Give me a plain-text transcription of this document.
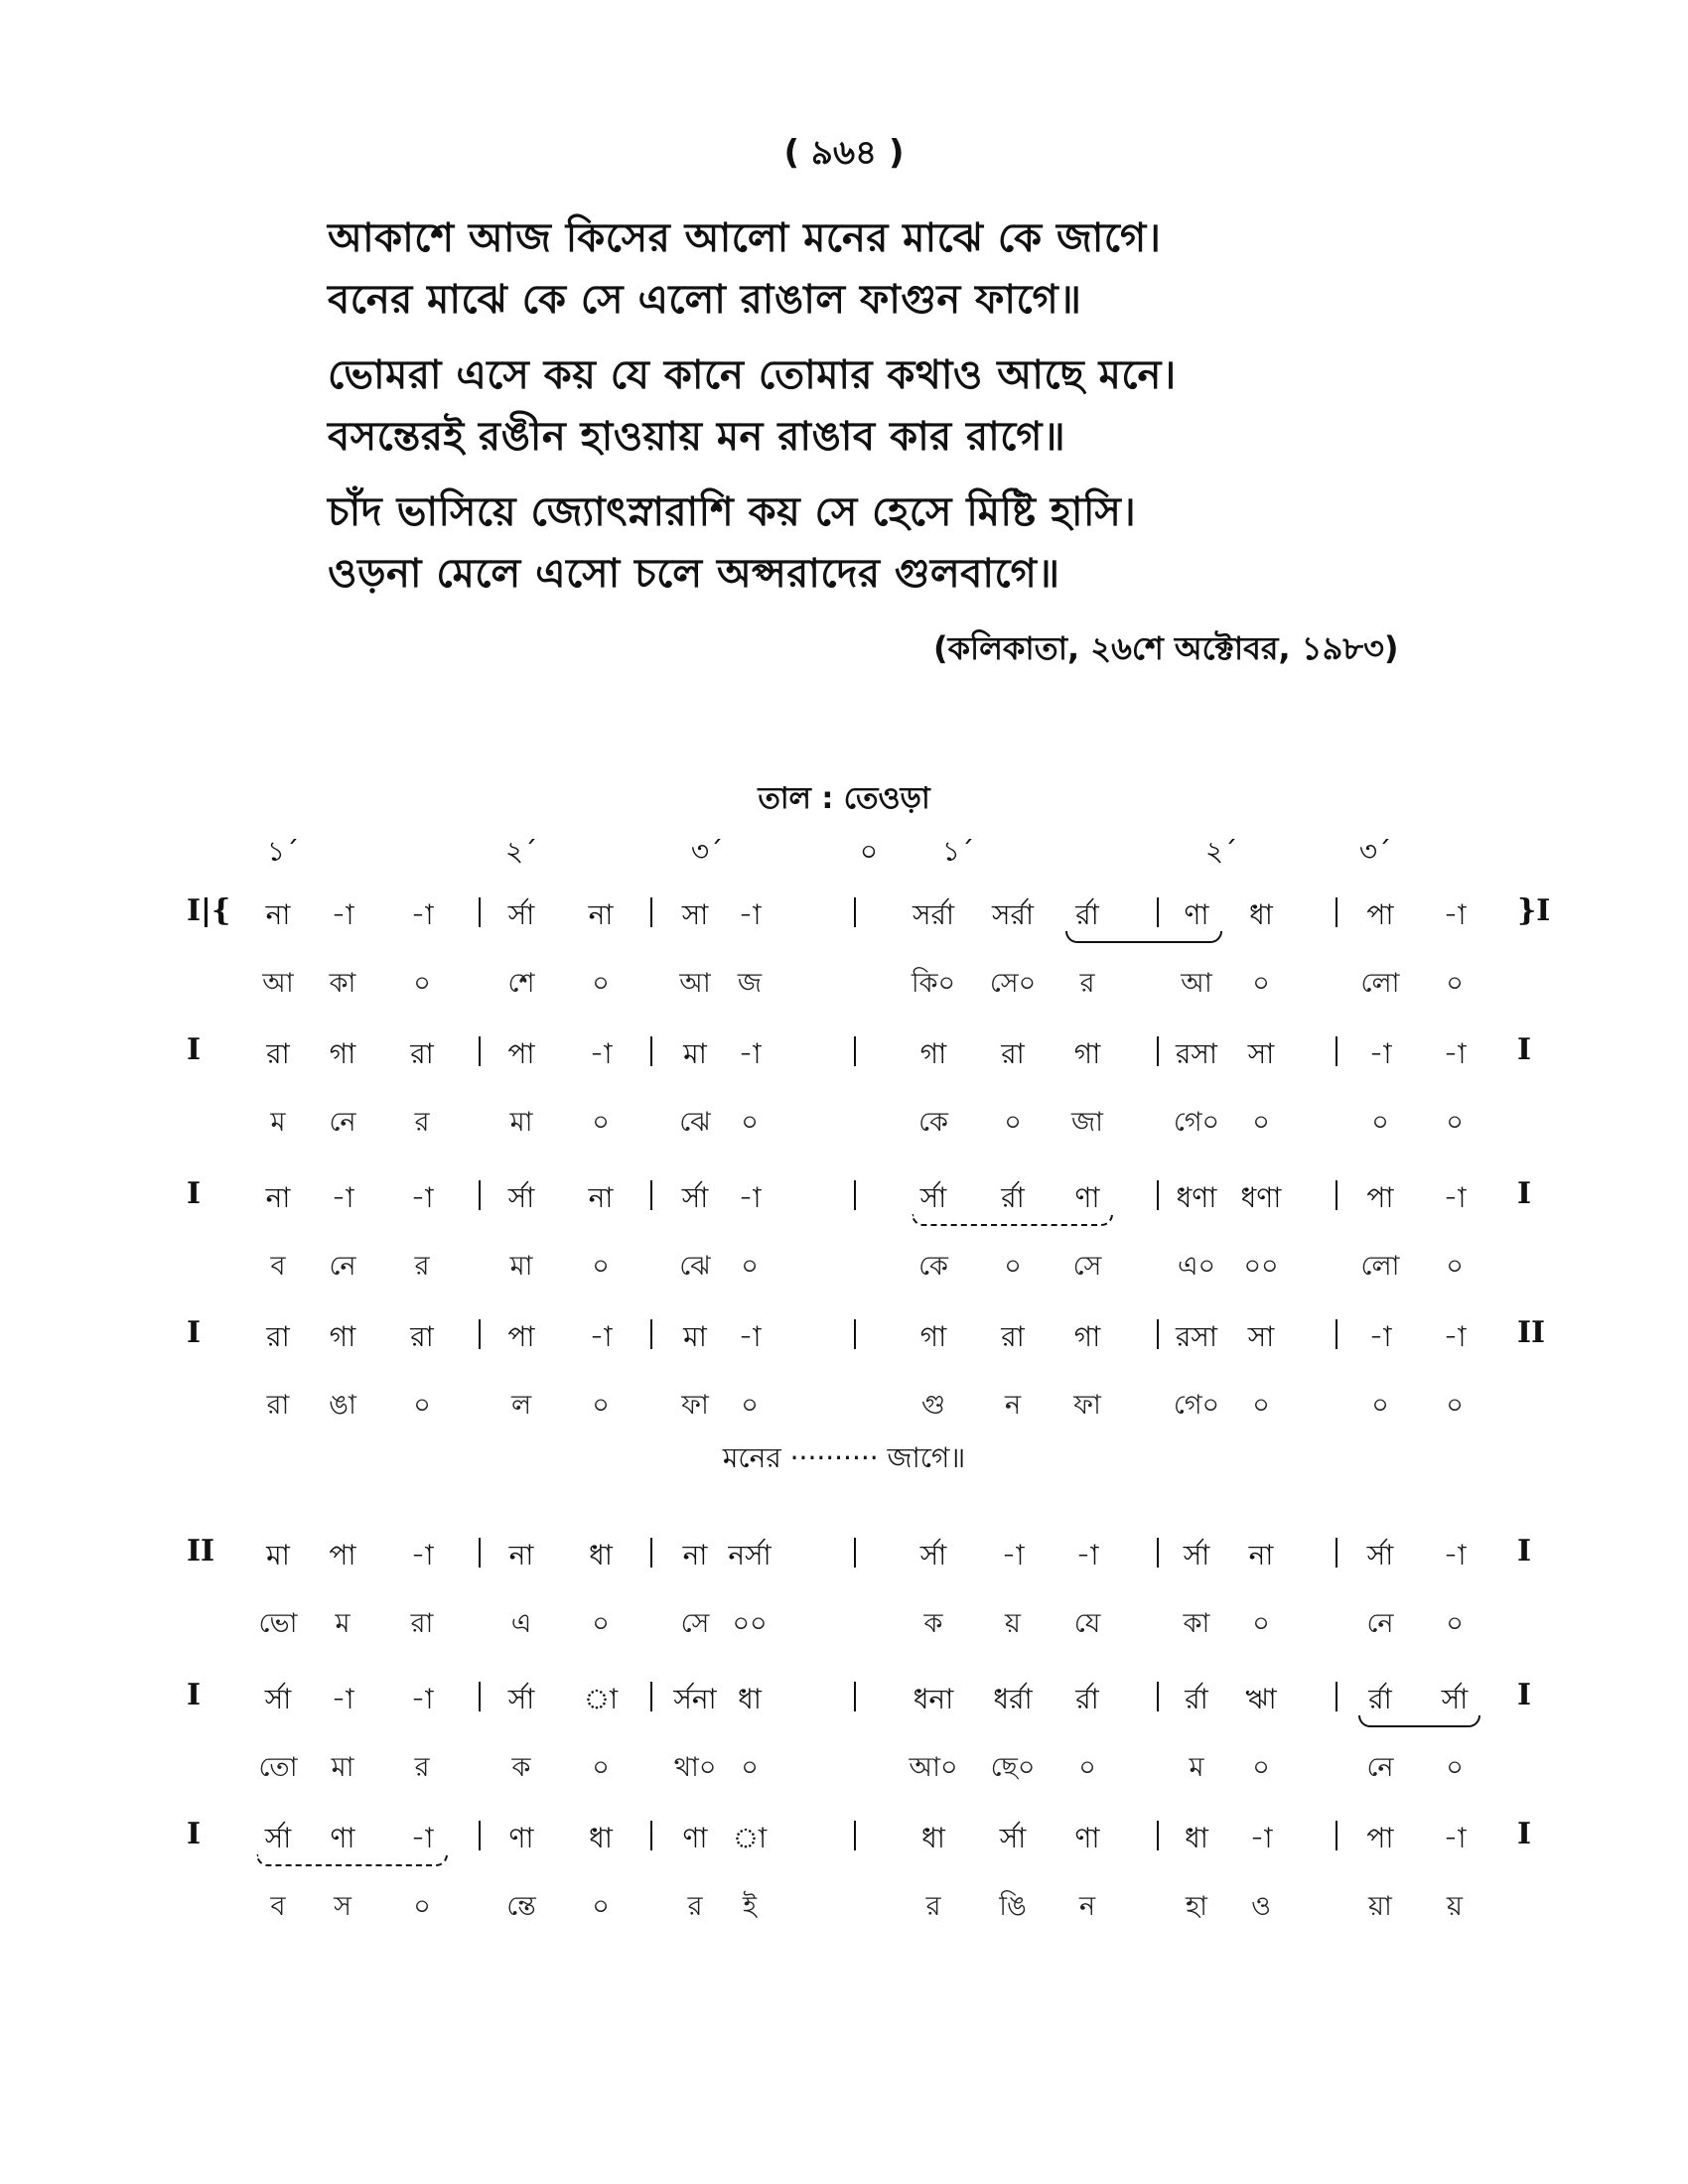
( ৯৬৪ )
আকাশে আজ কিসের আলো মনের মাঝে কে জাগে।
বনের মাঝে কে সে এলো রাঙাল ফাগুন ফাগে॥
ভোমরা এসে কয় যে কানে তোমার কথাও আছে মনে।
বসন্তেরই রঙীন হাওয়ায় মন রাঙাব কার রাগে॥
চাঁদ ভাসিয়ে জ্যোৎস্নারাশি কয় সে হেসে মিষ্টি হাসি।
ওড়না মেলে এসো চলে অপ্সরাদের গুলবাগে॥
(কলিকাতা, ২৬শে অক্টোবর, ১৯৮৩)
তাল : তেওড়া
১´	২´	৩´	০ ১´	২´	৩´
মনের ·········· জাগে॥
I|{ না -া -া	র্সা না সা -া	সর্রা সর্রা র্রা	ণা ধা	পা -া }I
আ কা ০	শে ০	আ জ	কি০ সে০ র	আ ০	লো ০
I রা গা রা	পা -া	মা -া	গা রা গা	রসা সা	-া -া I
ম নে র	মা ০	ঝে ০	কে ০ জা	গে০ ০	০ ০
I না -া -া	র্সা না র্সা -া	র্সা র্রা ণা	ধণা ধণা	পা -া I
ব নে র	মা ০	ঝে ০	কে ০ সে	এ০ ০০	লো ০
I রা গা রা	পা -া	মা -া	গা রা গা	রসা সা	-া -া II
রা ঙা ০	ল ০	ফা ০	গু ন ফা	গে০ ০	০ ০
II মা পা -া	না ধা	না নর্সা	র্সা -া -া	র্সা না	র্সা -া I
ভো ম রা	এ ০	সে ০০	ক য় যে	কা ০	নে ০
I র্সা -া -া	র্সা া র্সনা ধা	ধনা ধর্রা র্রা	র্রা ঋা	র্রা র্সা I
তো মা র	ক ০ থা০ ০	আ০ ছে০ ০	ম ০	নে ০
I র্সা ণা -া	ণা ধা	ণা া	ধা র্সা ণা	ধা -া	পা -া I
ব স ০	ন্তে ০	র ই	র ঙি ন	হা ও	য়া য়
